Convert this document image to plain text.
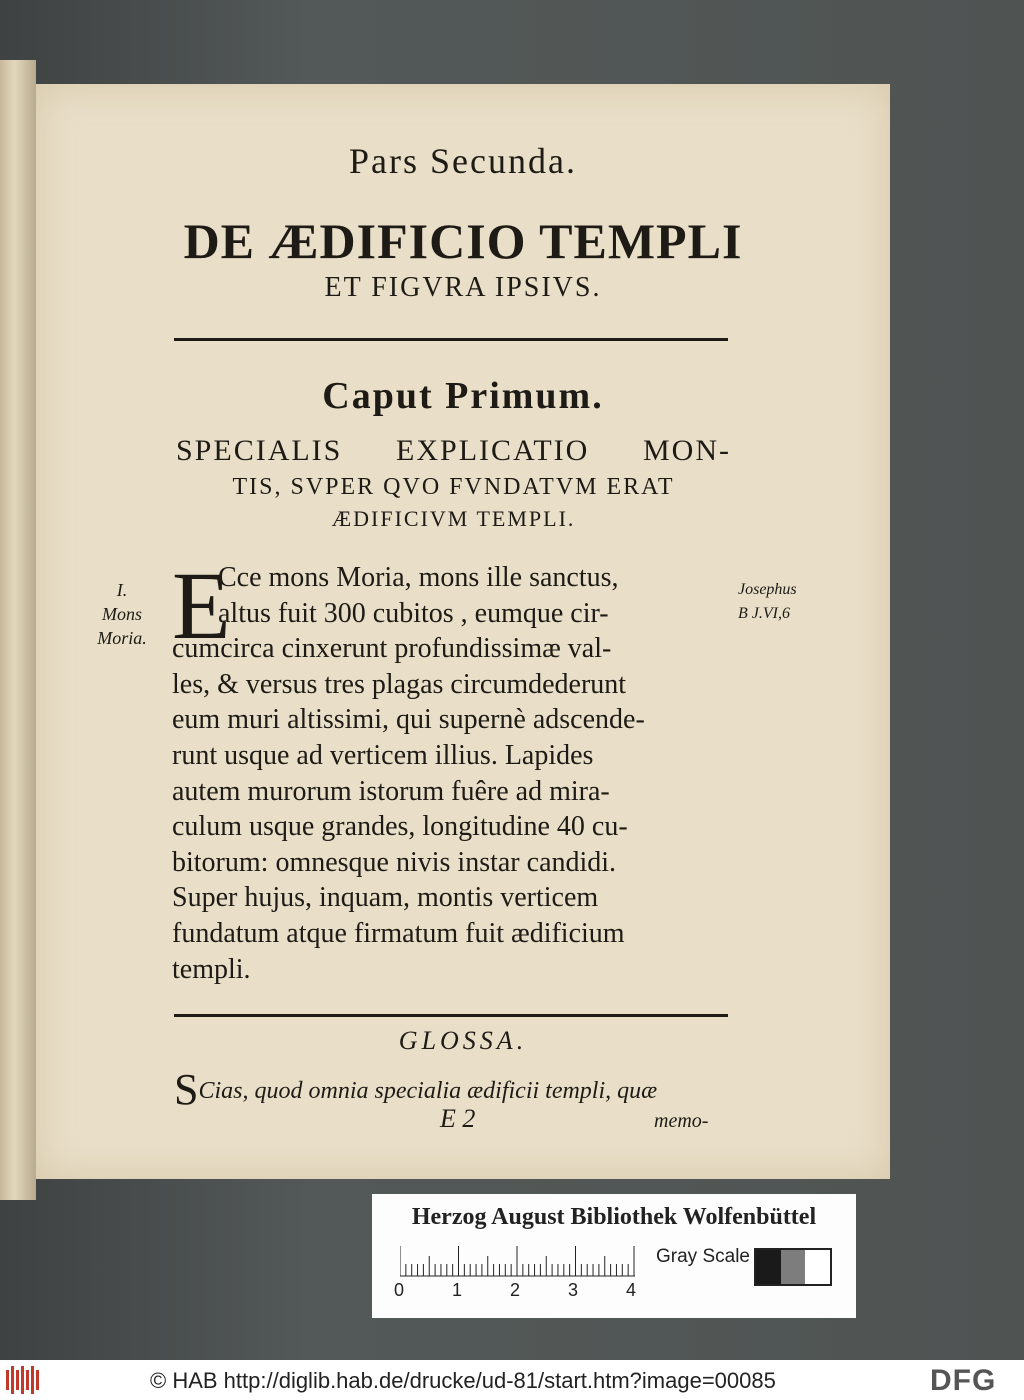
Pars Secunda.

DE ÆDIFICIO TEMPLI

ET FIGVRA IPSIVS.

Caput Primum.

SPECIALIS EXPLICATIO MON-

TIS, SVPER QVO FVNDATVM ERAT

ÆDIFICIVM TEMPLI.

I.
Mons
Moria. E
Cce mons Moria, mons ille sanctus,
altus fuit 300 cubitos , eumque cir-
cumcirca cinxerunt profundissimæ val-
les, & versus tres plagas circumdederunt
eum muri altissimi, qui supernè adscende-
runt usque ad verticem illius. Lapides
autem murorum istorum fuêre ad mira-
culum usque grandes, longitudine 40 cu-
bitorum: omnesque nivis instar candidi.
Super hujus, inquam, montis verticem
fundatum atque firmatum fuit ædificium
templi.
Josephus
B J.VI,6

GLOSSA.

SCias, quod omnia specialia ædificii templi, quæ

E 2	memo-
Herzog August Bibliothek Wolfenbüttel
0	1	2	3	4
Gray Scale
© HAB http://diglib.hab.de/drucke/ud-81/start.htm?image=00085	DFG
